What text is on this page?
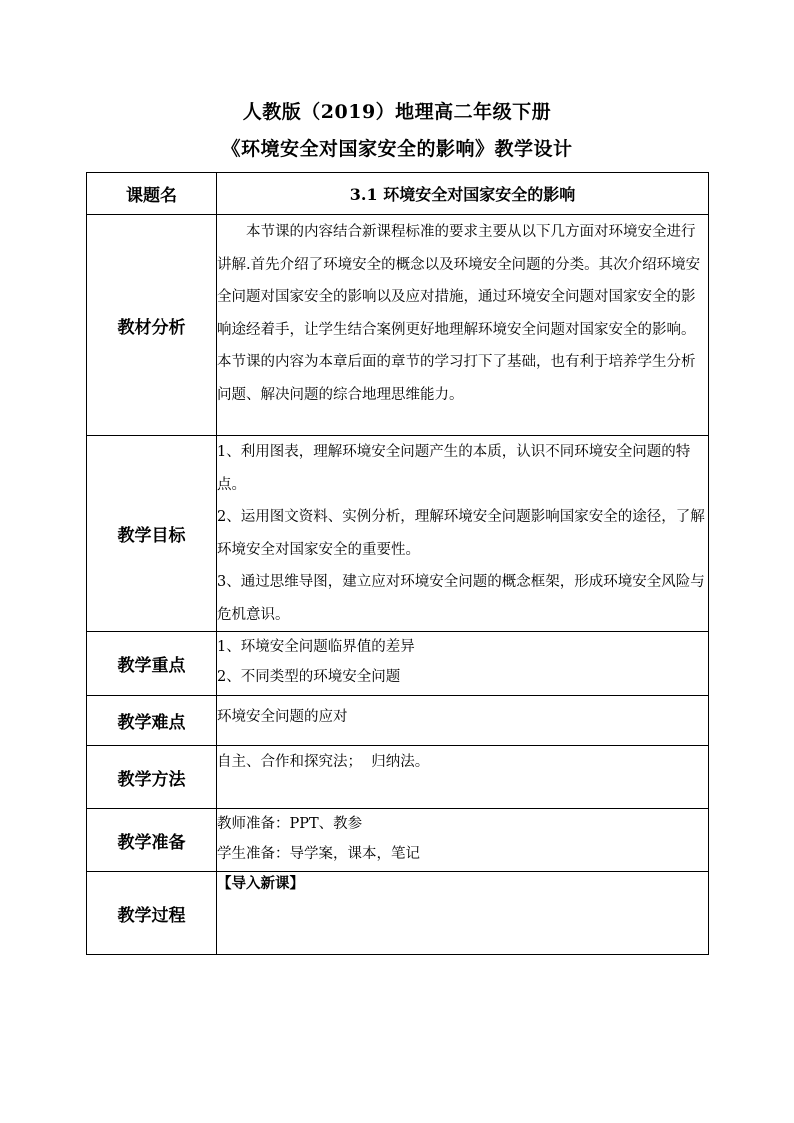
人教版（2019）地理高二年级下册
《环境安全对国家安全的影响》教学设计
课题名	3.1 环境安全对国家安全的影响
教材分析	本节课的内容结合新课程标准的要求主要从以下几方面对环境安全进行讲解.首先介绍了环境安全的概念以及环境安全问题的分类。其次介绍环境安全问题对国家安全的影响以及应对措施，通过环境安全问题对国家安全的影响途经着手，让学生结合案例更好地理解环境安全问题对国家安全的影响。本节课的内容为本章后面的章节的学习打下了基础，也有利于培养学生分析问题、解决问题的综合地理思维能力。

教学目标	1、利用图表，理解环境安全问题产生的本质，认识不同环境安全问题的特点。

2、运用图文资料、实例分析，理解环境安全问题影响国家安全的途径，了解环境安全对国家安全的重要性。

3、通过思维导图，建立应对环境安全问题的概念框架，形成环境安全风险与危机意识。

教学重点	1、环境安全问题临界值的差异

2、不同类型的环境安全问题

教学难点	环境安全问题的应对

教学方法	自主、合作和探究法；  归纳法。

教学准备	教师准备：PPT、教参

学生准备：导学案，课本，笔记

教学过程	【导入新课】
